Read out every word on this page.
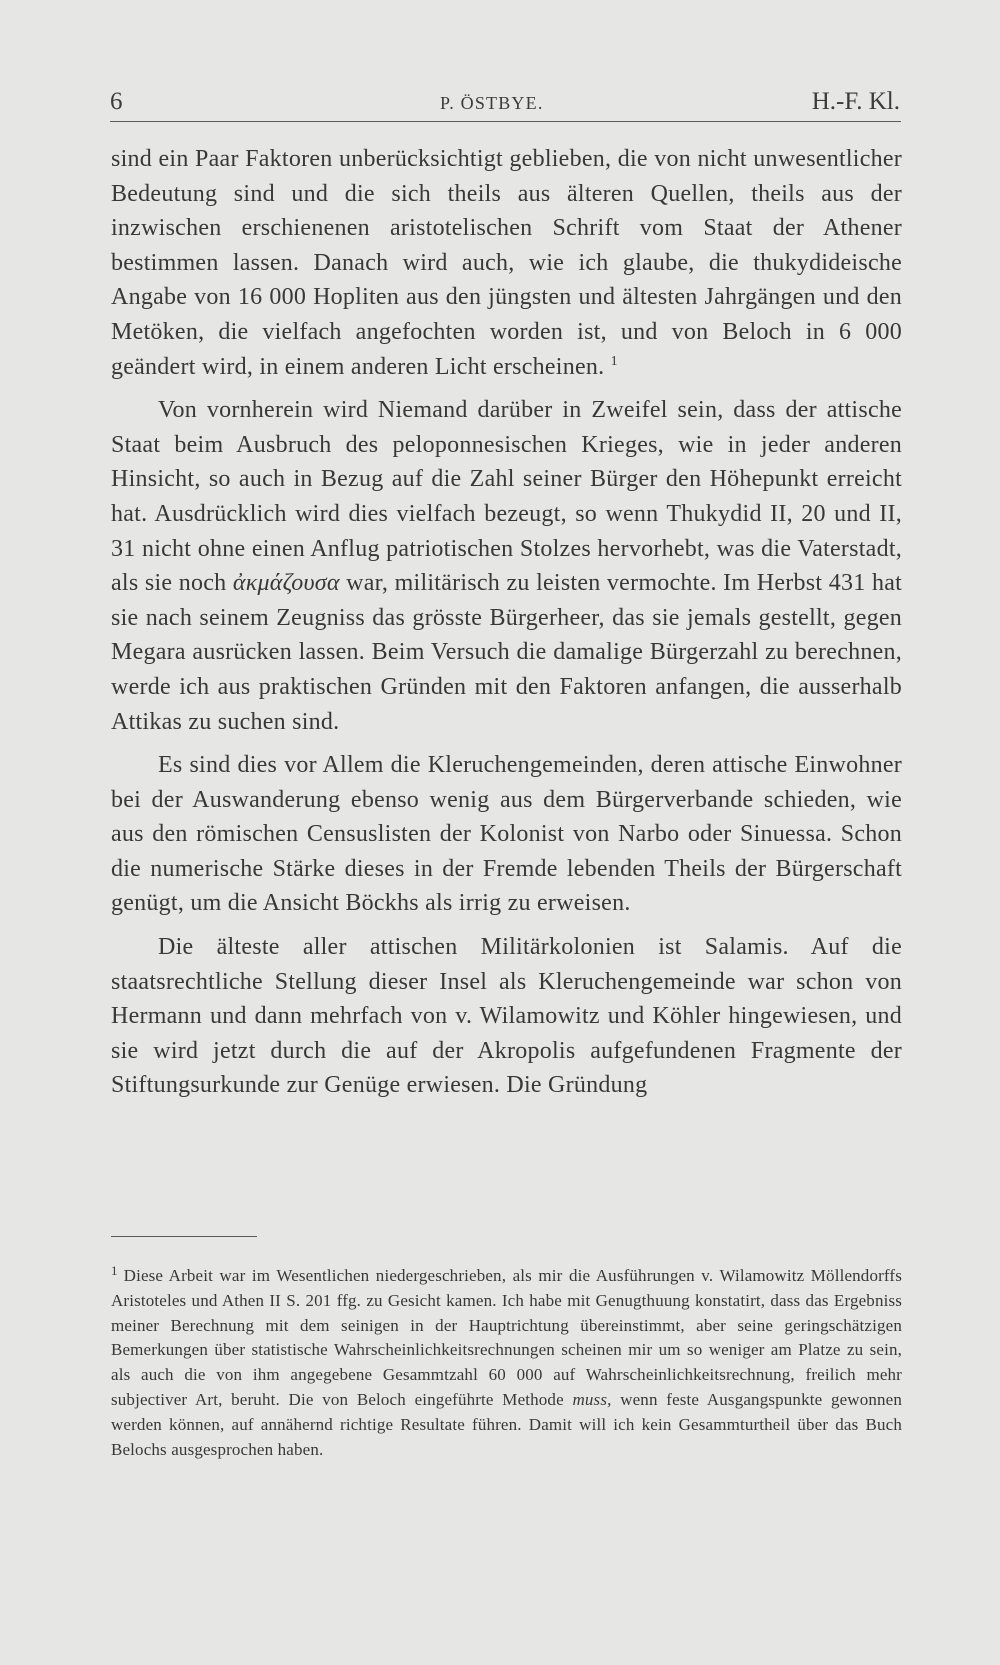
6	P. ÖSTBYE.	H.-F. Kl.

sind ein Paar Faktoren unberücksichtigt geblieben, die von nicht unwesentlicher Bedeutung sind und die sich theils aus älteren Quellen, theils aus der inzwischen erschienenen aristotelischen Schrift vom Staat der Athener bestimmen lassen. Danach wird auch, wie ich glaube, die thukydideische Angabe von 16 000 Hopliten aus den jüngsten und ältesten Jahrgängen und den Metöken, die vielfach angefochten worden ist, und von Beloch in 6 000 geändert wird, in einem anderen Licht erscheinen. $^1$

Von vornherein wird Niemand darüber in Zweifel sein, dass der attische Staat beim Ausbruch des peloponnesischen Krieges, wie in jeder anderen Hinsicht, so auch in Bezug auf die Zahl seiner Bürger den Höhepunkt erreicht hat. Ausdrücklich wird dies vielfach bezeugt, so wenn Thukydid II, 20 und II, 31 nicht ohne einen Anflug patriotischen Stolzes hervorhebt, was die Vaterstadt, als sie noch ἀκμάζουσα war, militärisch zu leisten vermochte. Im Herbst 431 hat sie nach seinem Zeugniss das grösste Bürgerheer, das sie jemals gestellt, gegen Megara ausrücken lassen. Beim Versuch die damalige Bürgerzahl zu berechnen, werde ich aus praktischen Gründen mit den Faktoren anfangen, die ausserhalb Attikas zu suchen sind.

Es sind dies vor Allem die Kleruchengemeinden, deren attische Einwohner bei der Auswanderung ebenso wenig aus dem Bürgerverbande schieden, wie aus den römischen Censuslisten der Kolonist von Narbo oder Sinuessa. Schon die numerische Stärke dieses in der Fremde lebenden Theils der Bürgerschaft genügt, um die Ansicht Böckhs als irrig zu erweisen.

Die älteste aller attischen Militärkolonien ist Salamis. Auf die staatsrechtliche Stellung dieser Insel als Kleruchengemeinde war schon von Hermann und dann mehrfach von v. Wilamowitz und Köhler hingewiesen, und sie wird jetzt durch die auf der Akropolis aufgefundenen Fragmente der Stiftungsurkunde zur Genüge erwiesen. Die Gründung

$^1$ Diese Arbeit war im Wesentlichen niedergeschrieben, als mir die Ausführungen v. Wilamowitz Möllendorffs Aristoteles und Athen II S. 201 ffg. zu Gesicht kamen. Ich habe mit Genugthuung konstatirt, dass das Ergebniss meiner Berechnung mit dem seinigen in der Hauptrichtung übereinstimmt, aber seine geringschätzigen Bemerkungen über statistische Wahrscheinlichkeitsrechnungen scheinen mir um so weniger am Platze zu sein, als auch die von ihm angegebene Gesammtzahl 60 000 auf Wahrscheinlichkeitsrechnung, freilich mehr subjectiver Art, beruht. Die von Beloch eingeführte Methode muss, wenn feste Ausgangspunkte gewonnen werden können, auf annähernd richtige Resultate führen. Damit will ich kein Gesammturtheil über das Buch Belochs ausgesprochen haben.
